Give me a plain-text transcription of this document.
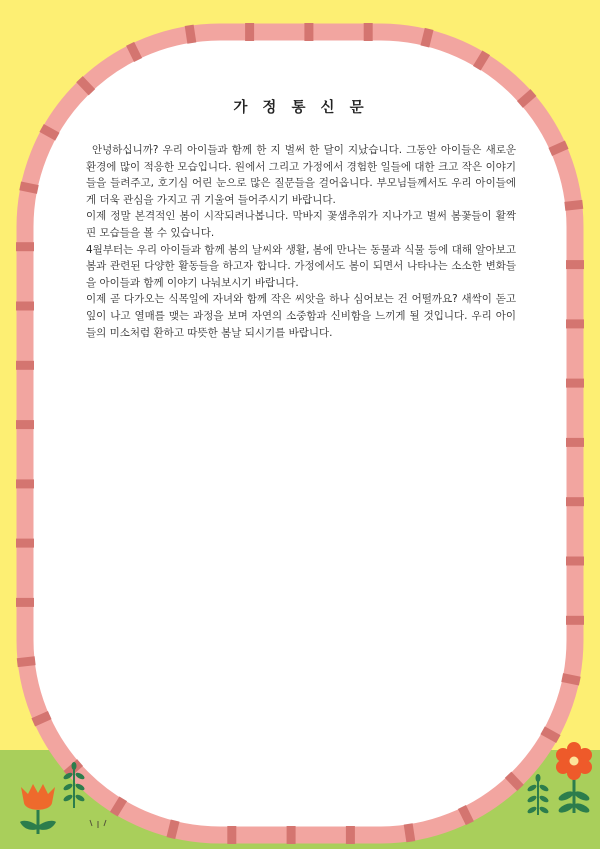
가 정 통 신 문

안녕하십니까? 우리 아이들과 함께 한 지 벌써 한 달이 지났습니다. 그동안 아이들은 새로운 환경에 많이 적응한 모습입니다. 원에서 그리고 가정에서 경험한 일들에 대한 크고 작은 이야기들을 들려주고, 호기심 어린 눈으로 많은 질문들을 걸어옵니다. 부모님들께서도 우리 아이들에게 더욱 관심을 가지고 귀 기울여 들어주시기 바랍니다.

이제 정말 본격적인 봄이 시작되려나봅니다. 막바지 꽃샘추위가 지나가고 벌써 봄꽃들이 활짝 핀 모습들을 볼 수 있습니다.

4월부터는 우리 아이들과 함께 봄의 날씨와 생활, 봄에 만나는 동물과 식물 등에 대해 알아보고 봄과 관련된 다양한 활동들을 하고자 합니다. 가정에서도 봄이 되면서 나타나는 소소한 변화들을 아이들과 함께 이야기 나눠보시기 바랍니다.

이제 곧 다가오는 식목일에 자녀와 함께 작은 씨앗을 하나 심어보는 건 어떨까요? 새싹이 돋고 잎이 나고 열매를 맺는 과정을 보며 자연의 소중함과 신비함을 느끼게 될 것입니다. 우리 아이들의 미소처럼 환하고 따뜻한 봄날 되시기를 바랍니다.
